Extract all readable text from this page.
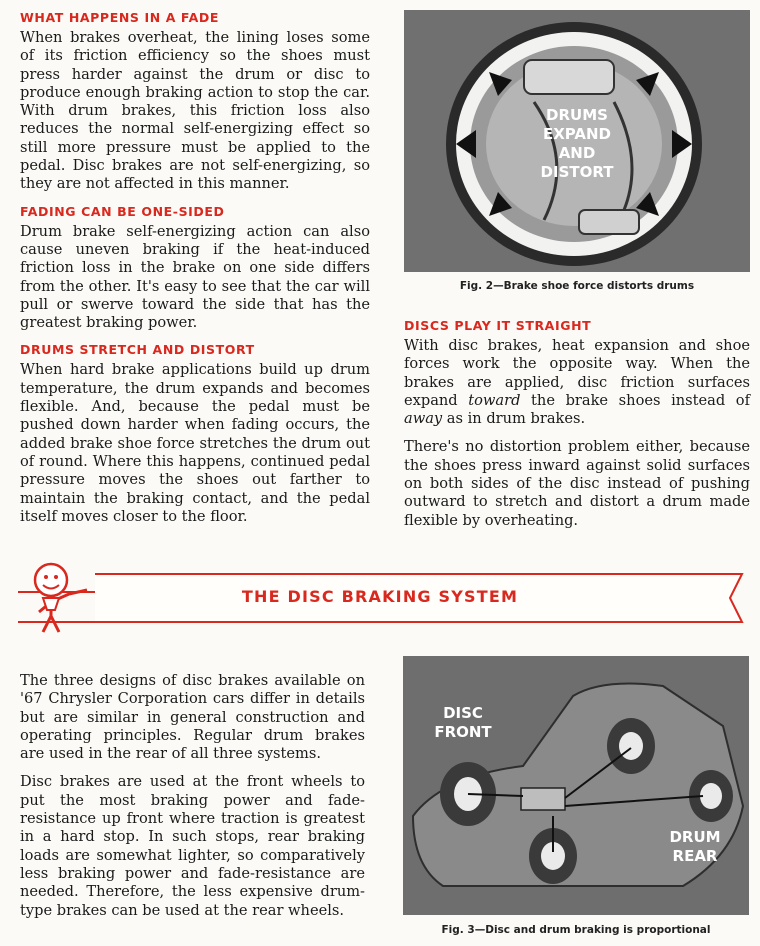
WHAT HAPPENS IN A FADE

When brakes overheat, the lining loses some of its friction efficiency so the shoes must press harder against the drum or disc to produce enough braking action to stop the car. With drum brakes, this friction loss also reduces the normal self-energizing effect so still more pressure must be applied to the pedal. Disc brakes are not self-energizing, so they are not affected in this manner.

FADING CAN BE ONE-SIDED

Drum brake self-energizing action can also cause uneven braking if the heat-induced friction loss in the brake on one side differs from the other. It's easy to see that the car will pull or swerve toward the side that has the greatest braking power.

DRUMS STRETCH AND DISTORT

When hard brake applications build up drum temperature, the drum expands and becomes flexible. And, because the pedal must be pushed down harder when fading occurs, the added brake shoe force stretches the drum out of round. Where this happens, continued pedal pressure moves the shoes out farther to maintain the braking contact, and the pedal itself moves closer to the floor.

DRUMS EXPAND AND DISTORT
Fig. 2—Brake shoe force distorts drums
DISCS PLAY IT STRAIGHT

With disc brakes, heat expansion and shoe forces work the opposite way. When the brakes are applied, disc friction surfaces expand toward the brake shoes instead of away as in drum brakes.

There's no distortion problem either, because the shoes press inward against solid surfaces on both sides of the disc instead of pushing outward to stretch and distort a drum made flexible by overheating.

THE DISC BRAKING SYSTEM

The three designs of disc brakes available on '67 Chrysler Corporation cars differ in details but are similar in general construction and operating principles. Regular drum brakes are used in the rear of all three systems.

Disc brakes are used at the front wheels to put the most braking power and fade-resistance up front where traction is greatest in a hard stop. In such stops, rear braking loads are somewhat lighter, so comparatively less braking power and fade-resistance are needed. Therefore, the less expensive drum-type brakes can be used at the rear wheels.

DISC FRONT
DRUM REAR
Fig. 3—Disc and drum braking is proportional
